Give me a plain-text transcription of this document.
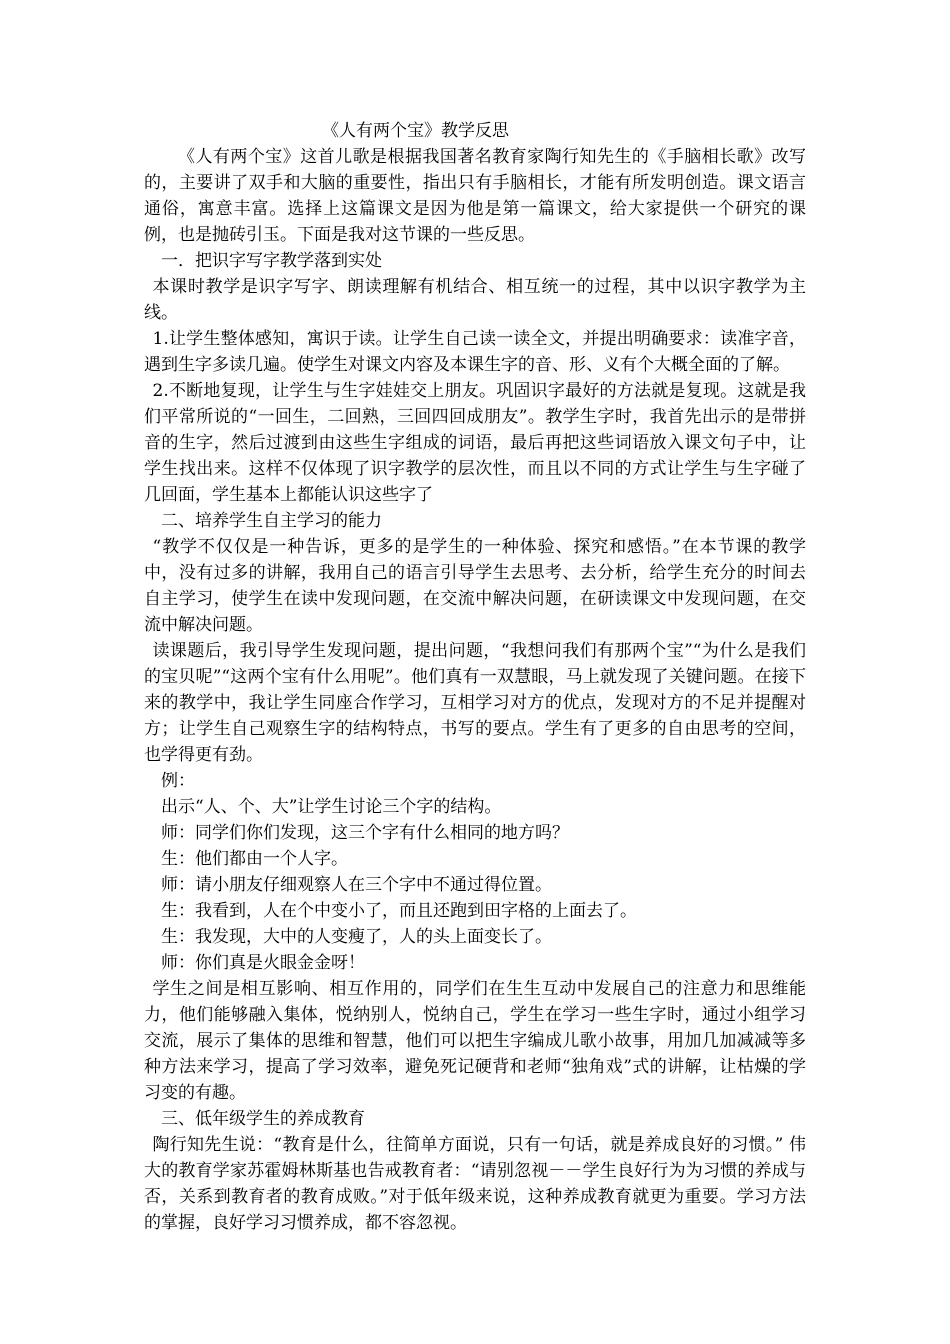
《人有两个宝》教学反思

《人有两个宝》这首儿歌是根据我国著名教育家陶行知先生的《手脑相长歌》改写的，主要讲了双手和大脑的重要性，指出只有手脑相长，才能有所发明创造。课文语言通俗，寓意丰富。选择上这篇课文是因为他是第一篇课文，给大家提供一个研究的课例，也是抛砖引玉。下面是我对这节课的一些反思。

一．把识字写字教学落到实处

本课时教学是识字写字、朗读理解有机结合、相互统一的过程，其中以识字教学为主线。

1.让学生整体感知，寓识于读。让学生自己读一读全文，并提出明确要求：读准字音，遇到生字多读几遍。使学生对课文内容及本课生字的音、形、义有个大概全面的了解。

2.不断地复现，让学生与生字娃娃交上朋友。巩固识字最好的方法就是复现。这就是我们平常所说的“一回生，二回熟，三回四回成朋友”。教学生字时，我首先出示的是带拼音的生字，然后过渡到由这些生字组成的词语，最后再把这些词语放入课文句子中，让学生找出来。这样不仅体现了识字教学的层次性，而且以不同的方式让学生与生字碰了几回面，学生基本上都能认识这些字了

二、培养学生自主学习的能力

“教学不仅仅是一种告诉，更多的是学生的一种体验、探究和感悟。”在本节课的教学中，没有过多的讲解，我用自己的语言引导学生去思考、去分析，给学生充分的时间去自主学习，使学生在读中发现问题，在交流中解决问题，在研读课文中发现问题，在交流中解决问题。

读课题后，我引导学生发现问题，提出问题，“我想问我们有那两个宝”“为什么是我们的宝贝呢”“这两个宝有什么用呢”。他们真有一双慧眼，马上就发现了关键问题。在接下来的教学中，我让学生同座合作学习，互相学习对方的优点，发现对方的不足并提醒对方；让学生自己观察生字的结构特点，书写的要点。学生有了更多的自由思考的空间，也学得更有劲。

例：

出示“人、个、大”让学生讨论三个字的结构。

师：同学们你们发现，这三个字有什么相同的地方吗？

生：他们都由一个人字。

师：请小朋友仔细观察人在三个字中不通过得位置。

生：我看到，人在个中变小了，而且还跑到田字格的上面去了。

生：我发现，大中的人变瘦了，人的头上面变长了。

师：你们真是火眼金金呀！

学生之间是相互影响、相互作用的，同学们在生生互动中发展自己的注意力和思维能力，他们能够融入集体，悦纳别人，悦纳自己，学生在学习一些生字时，通过小组学习交流，展示了集体的思维和智慧，他们可以把生字编成儿歌小故事，用加几加减减等多种方法来学习，提高了学习效率，避免死记硬背和老师“独角戏”式的讲解，让枯燥的学习变的有趣。

三、低年级学生的养成教育

陶行知先生说：“教育是什么，往简单方面说，只有一句话，就是养成良好的习惯。” 伟大的教育学家苏霍姆林斯基也告戒教育者：“请别忽视－－学生良好行为为习惯的养成与否，关系到教育者的教育成败。”对于低年级来说，这种养成教育就更为重要。学习方法的掌握，良好学习习惯养成，都不容忽视。
